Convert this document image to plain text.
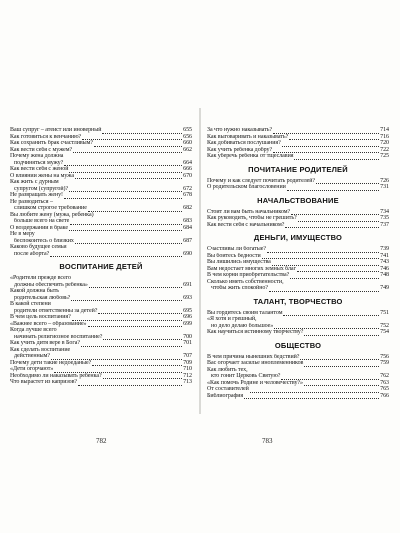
Ваш супруг – атеист или иноверный	655
Как готовиться к венчанию?	656
Как сохранить брак счастливым?	660
Как вести себя с мужем?	662
Почему жена должна
подчиняться мужу?	664
Как вести себя с женой	666
О влиянии жены на мужа	670
Как жить с дурным
супругом (супругой)?	672
Не развращать жену!	678
Не разводиться –
слишком строгое требование	682
Вы любите жену (мужа, ребенка)
больше всего на свете	683
О воздержании в браке	684
Не в меру
беспокоитесь о близких	687
Каково будущее семьи
после аборта?	690
ВОСПИТАНИЕ ДЕТЕЙ
«Родители прежде всего
должны обеспечить ребенка»	691
Какой должна быть
родительская любовь?	693
В какой степени
родители ответственны за детей?	695
В чем цель воспитания?	696
«Важнее всего – образование»	699
Когда лучше всего
начинать религиозное воспитание?	700
Как учить дитя вере в Бога?	701
Как сделать воспитание
действенным?	707
Почему дети такие недоеданые?	709
«Дети огорчают»	710
Необходимо ли наказывать ребенка?	712
Что вырастет из капризов?	713
За что нужно наказывать?	714
Как выговаривать и наказывать?	716
Как добиваться послушания?	720
Как учить ребенка добру?	722
Как уберечь ребенка от тщеславия	725
ПОЧИТАНИЕ РОДИТЕЛЕЙ
Почему и как следует почитать родителей?	726
О родительском благословении	731
НАЧАЛЬСТВОВАНИЕ
Стоит ли вам быть начальником?	734
Как руководить, чтобы не грешить?	735
Как вести себя с начальником?	737
ДЕНЬГИ, ИМУЩЕСТВО
Счастливы ли богатые?	739
Вы боитесь бедности	741
Вы лишились имущества	743
Вам недостает многих земных благ	746
В чем корни приобретательства?	748
Сколько иметь собственности,
чтобы жить спокойно?	749
ТАЛАНТ, ТВОРЧЕСТВО
Вы гордитесь своим талантом	751
«Я хотя и грешный,
но дело делаю большое»	752
Как научиться истинному творчеству?	754
ОБЩЕСТВО
В чем причина нынешних бедствий?	756
Вас огорчает засилье иноплеменников	759
Как любить тех,
кто гонит Церковь Святую?	762
«Как помочь Родине и человечеству?»	763
От составителей	765
Библиография	766
782	783
